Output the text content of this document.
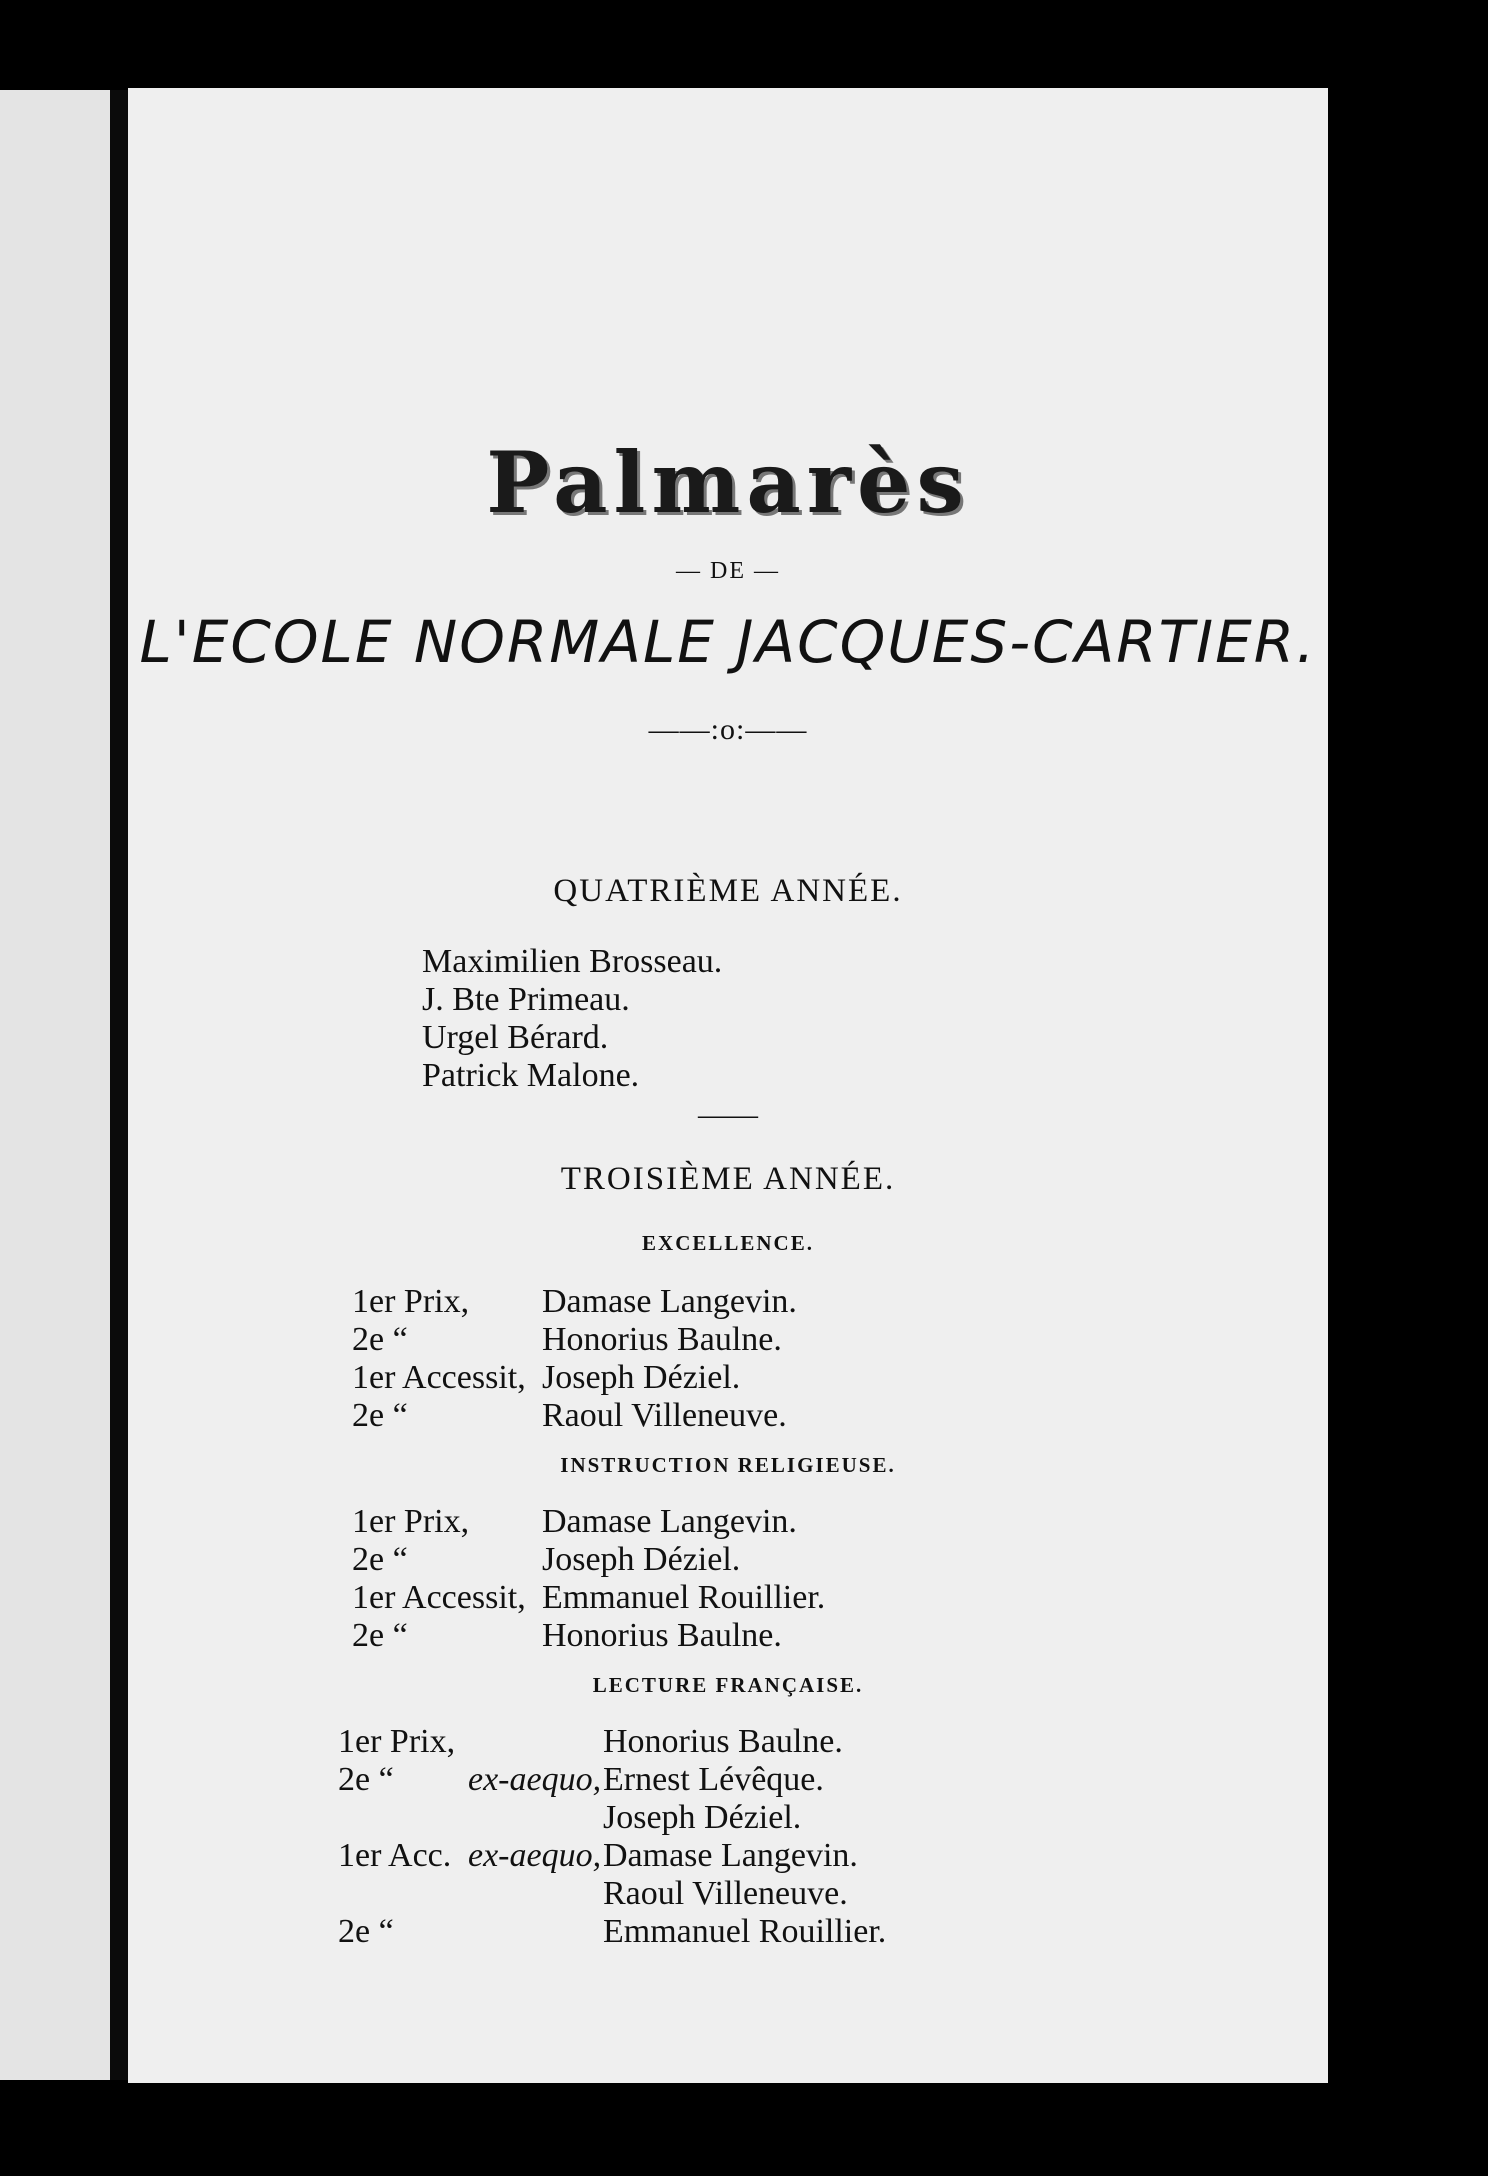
Palmarès
— DE —
L'ECOLE NORMALE JACQUES-CARTIER.
——:o:——
QUATRIÈME ANNÉE.
Maximilien Brosseau.
J. Bte Primeau.
Urgel Bérard.
Patrick Malone.
——
TROISIÈME ANNÉE.
EXCELLENCE.
1er Prix, Damase Langevin.
2e “	Honorius Baulne.
1er Accessit, Joseph Déziel.
2e “	Raoul Villeneuve.
INSTRUCTION RELIGIEUSE.
1er Prix, Damase Langevin.
2e “	Joseph Déziel.
1er Accessit, Emmanuel Rouillier.
2e “	Honorius Baulne.
LECTURE FRANÇAISE.
1er Prix,	Honorius Baulne.
2e “ ex-aequo, Ernest Lévêque.
Joseph Déziel.
1er Acc. ex-aequo, Damase Langevin.
Raoul Villeneuve.
2e “	Emmanuel Rouillier.
